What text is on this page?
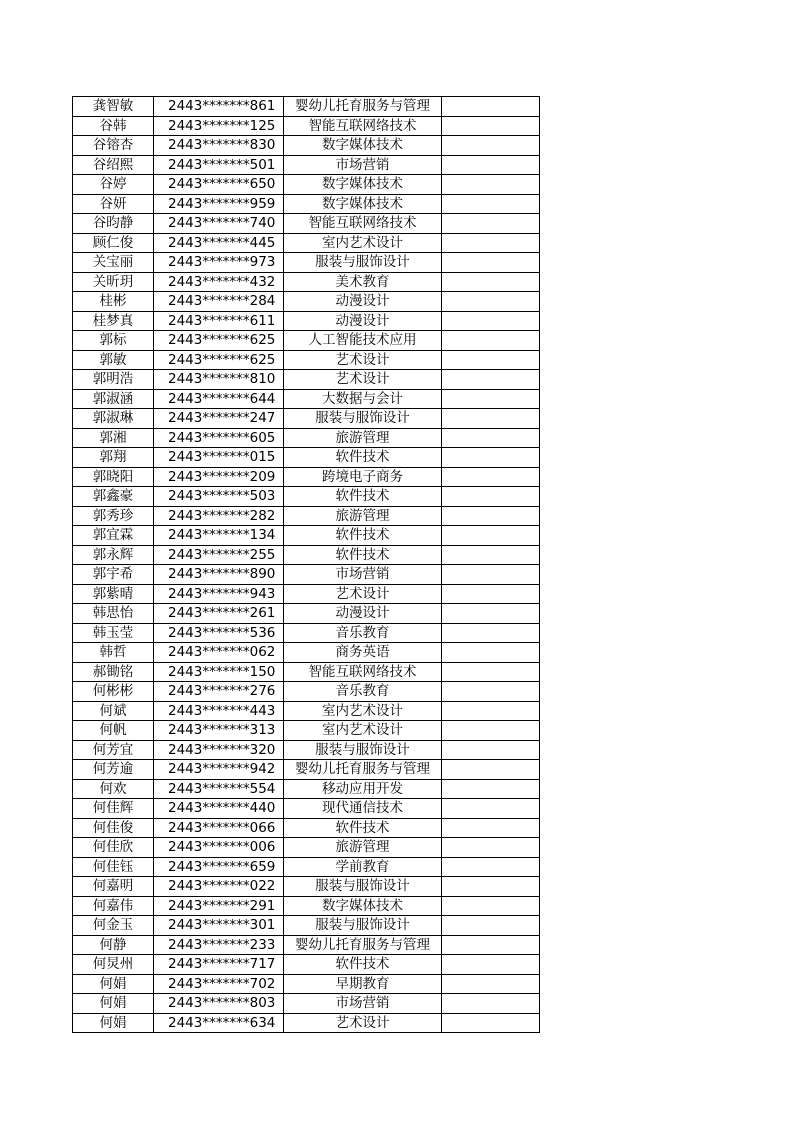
龚智敏	2443*******861	婴幼儿托育服务与管理	
谷韩	2443*******125	智能互联网络技术	
谷镕杏	2443*******830	数字媒体技术	
谷绍熙	2443*******501	市场营销	
谷婷	2443*******650	数字媒体技术	
谷妍	2443*******959	数字媒体技术	
谷昀静	2443*******740	智能互联网络技术	
顾仁俊	2443*******445	室内艺术设计	
关宝丽	2443*******973	服装与服饰设计	
关昕玥	2443*******432	美术教育	
桂彬	2443*******284	动漫设计	
桂梦真	2443*******611	动漫设计	
郭标	2443*******625	人工智能技术应用	
郭敏	2443*******625	艺术设计	
郭明浩	2443*******810	艺术设计	
郭淑涵	2443*******644	大数据与会计	
郭淑琳	2443*******247	服装与服饰设计	
郭湘	2443*******605	旅游管理	
郭翔	2443*******015	软件技术	
郭晓阳	2443*******209	跨境电子商务	
郭鑫豪	2443*******503	软件技术	
郭秀珍	2443*******282	旅游管理	
郭宜霖	2443*******134	软件技术	
郭永辉	2443*******255	软件技术	
郭宇希	2443*******890	市场营销	
郭紫晴	2443*******943	艺术设计	
韩思怡	2443*******261	动漫设计	
韩玉莹	2443*******536	音乐教育	
韩哲	2443*******062	商务英语	
郝锄铭	2443*******150	智能互联网络技术	
何彬彬	2443*******276	音乐教育	
何斌	2443*******443	室内艺术设计	
何帆	2443*******313	室内艺术设计	
何芳宜	2443*******320	服装与服饰设计	
何芳逾	2443*******942	婴幼儿托育服务与管理	
何欢	2443*******554	移动应用开发	
何佳辉	2443*******440	现代通信技术	
何佳俊	2443*******066	软件技术	
何佳欣	2443*******006	旅游管理	
何佳钰	2443*******659	学前教育	
何嘉明	2443*******022	服装与服饰设计	
何嘉伟	2443*******291	数字媒体技术	
何金玉	2443*******301	服装与服饰设计	
何静	2443*******233	婴幼儿托育服务与管理	
何炅州	2443*******717	软件技术	
何娟	2443*******702	早期教育	
何娟	2443*******803	市场营销	
何娟	2443*******634	艺术设计	
